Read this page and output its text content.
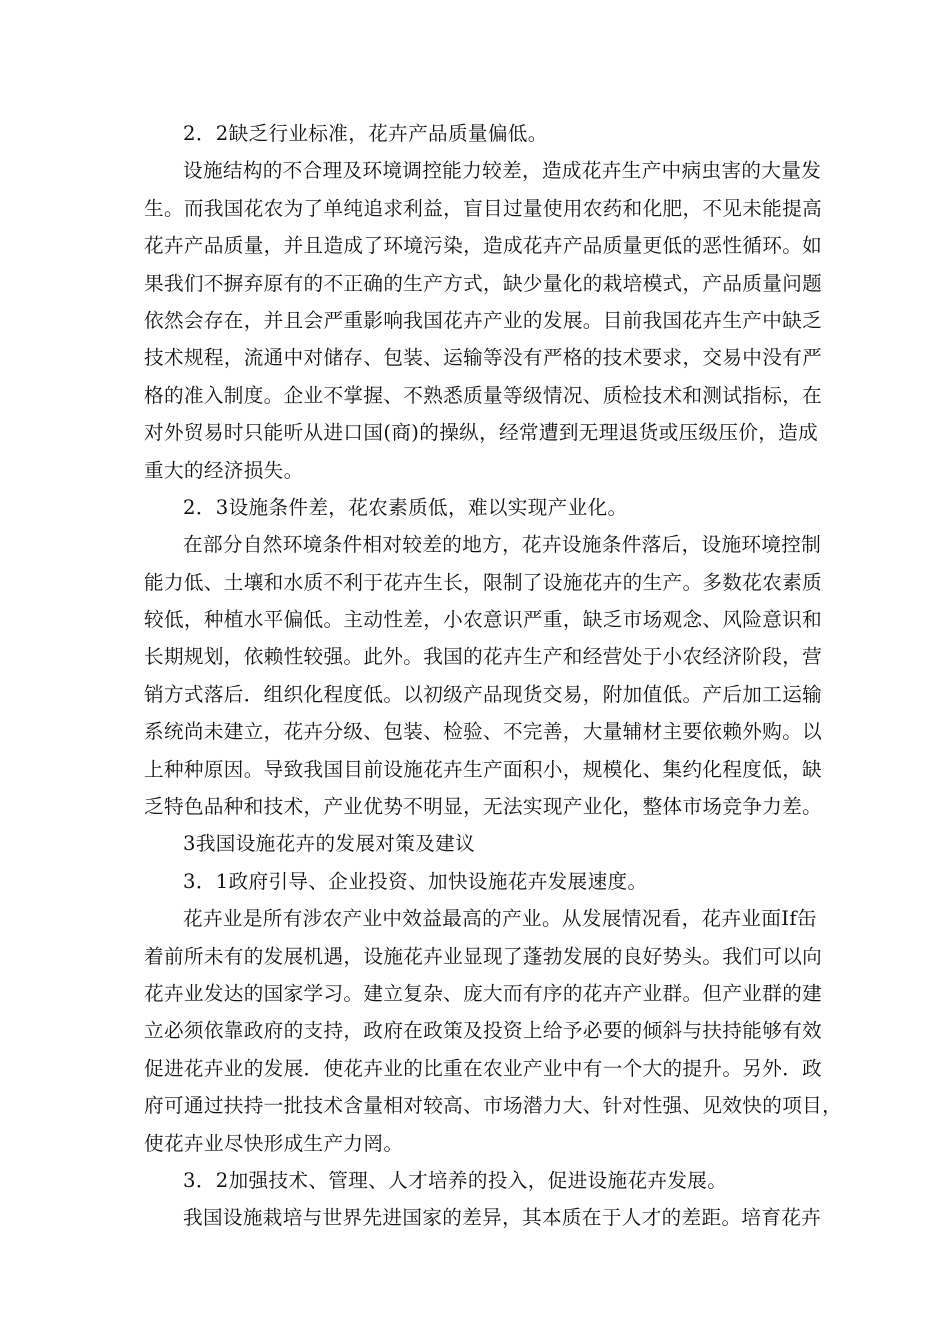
2．2缺乏行业标准，花卉产品质量偏低。
设施结构的不合理及环境调控能力较差，造成花卉生产中病虫害的大量发
生。而我国花农为了单纯追求利益，盲目过量使用农药和化肥，不见未能提高
花卉产品质量，并且造成了环境污染，造成花卉产品质量更低的恶性循环。如
果我们不摒弃原有的不正确的生产方式，缺少量化的栽培模式，产品质量问题
依然会存在，并且会严重影响我国花卉产业的发展。目前我国花卉生产中缺乏
技术规程，流通中对储存、包装、运输等没有严格的技术要求，交易中没有严
格的准入制度。企业不掌握、不熟悉质量等级情况、质检技术和测试指标，在
对外贸易时只能听从进口国(商)的操纵，经常遭到无理退货或压级压价，造成
重大的经济损失。
2．3设施条件差，花农素质低，难以实现产业化。
在部分自然环境条件相对较差的地方，花卉设施条件落后，设施环境控制
能力低、土壤和水质不利于花卉生长，限制了设施花卉的生产。多数花农素质
较低，种植水平偏低。主动性差，小农意识严重，缺乏市场观念、风险意识和
长期规划，依赖性较强。此外。我国的花卉生产和经营处于小农经济阶段，营
销方式落后．组织化程度低。以初级产品现货交易，附加值低。产后加工运输
系统尚未建立，花卉分级、包装、检验、不完善，大量辅材主要依赖外购。以
上种种原因。导致我国目前设施花卉生产面积小，规模化、集约化程度低，缺
乏特色品种和技术，产业优势不明显，无法实现产业化，整体市场竞争力差。
3我国设施花卉的发展对策及建议
3．1政府引导、企业投资、加快设施花卉发展速度。
花卉业是所有涉农产业中效益最高的产业。从发展情况看，花卉业面If缶
着前所未有的发展机遇，设施花卉业显现了蓬勃发展的良好势头。我们可以向
花卉业发达的国家学习。建立复杂、庞大而有序的花卉产业群。但产业群的建
立必须依靠政府的支持，政府在政策及投资上给予必要的倾斜与扶持能够有效
促进花卉业的发展．使花卉业的比重在农业产业中有一个大的提升。另外．政
府可通过扶持一批技术含量相对较高、市场潜力大、针对性强、见效快的项目，
使花卉业尽快形成生产力罔。
3．2加强技术、管理、人才培养的投入，促进设施花卉发展。
我国设施栽培与世界先进国家的差异，其本质在于人才的差距。培育花卉
